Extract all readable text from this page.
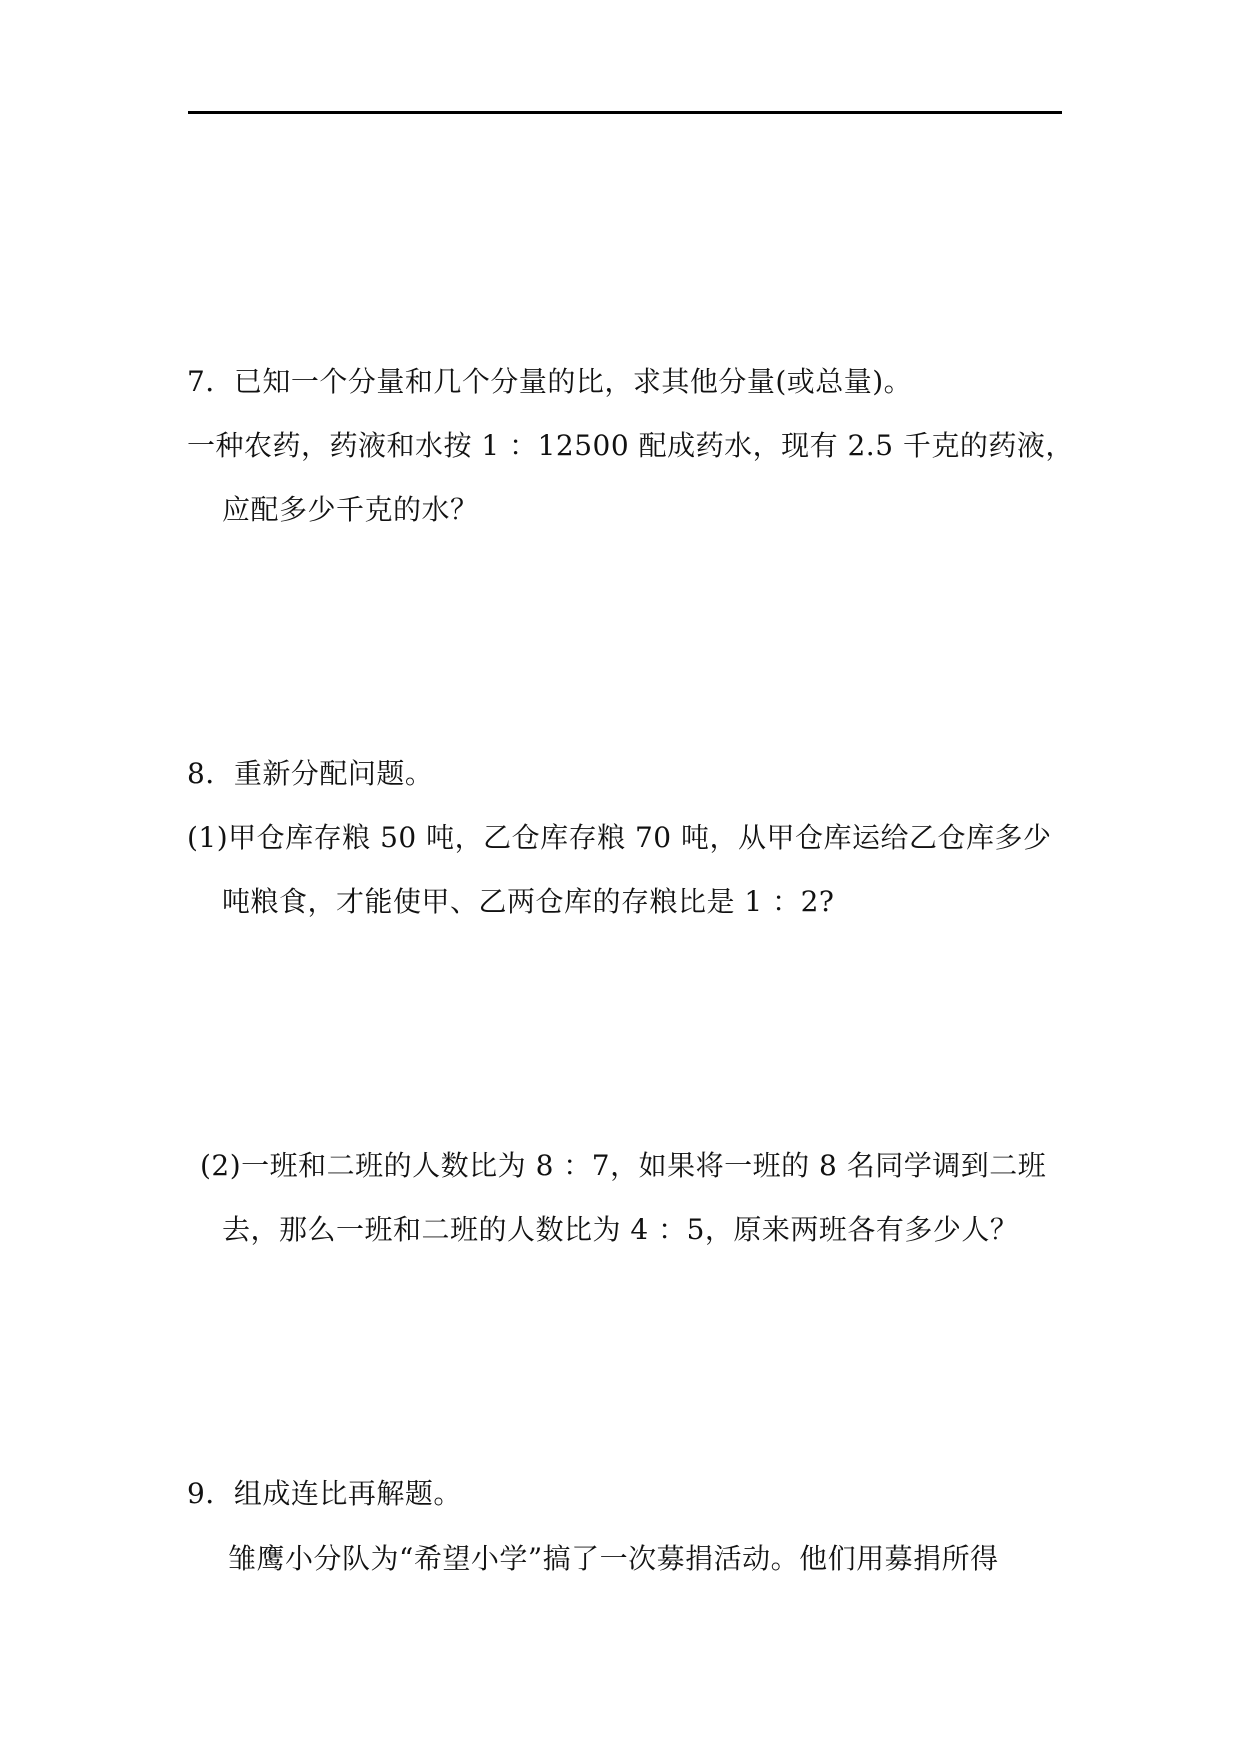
7．已知一个分量和几个分量的比，求其他分量(或总量)。
一种农药，药液和水按 1 ：12500 配成药水，现有 2.5 千克的药液，
应配多少千克的水？
8．重新分配问题。
(1)甲仓库存粮 50 吨，乙仓库存粮 70 吨，从甲仓库运给乙仓库多少
吨粮食，才能使甲、乙两仓库的存粮比是 1 ：2?
(2)一班和二班的人数比为 8 ：7，如果将一班的 8 名同学调到二班
去，那么一班和二班的人数比为 4 ：5，原来两班各有多少人？
9．组成连比再解题。
雏鹰小分队为“希望小学”搞了一次募捐活动。他们用募捐所得
